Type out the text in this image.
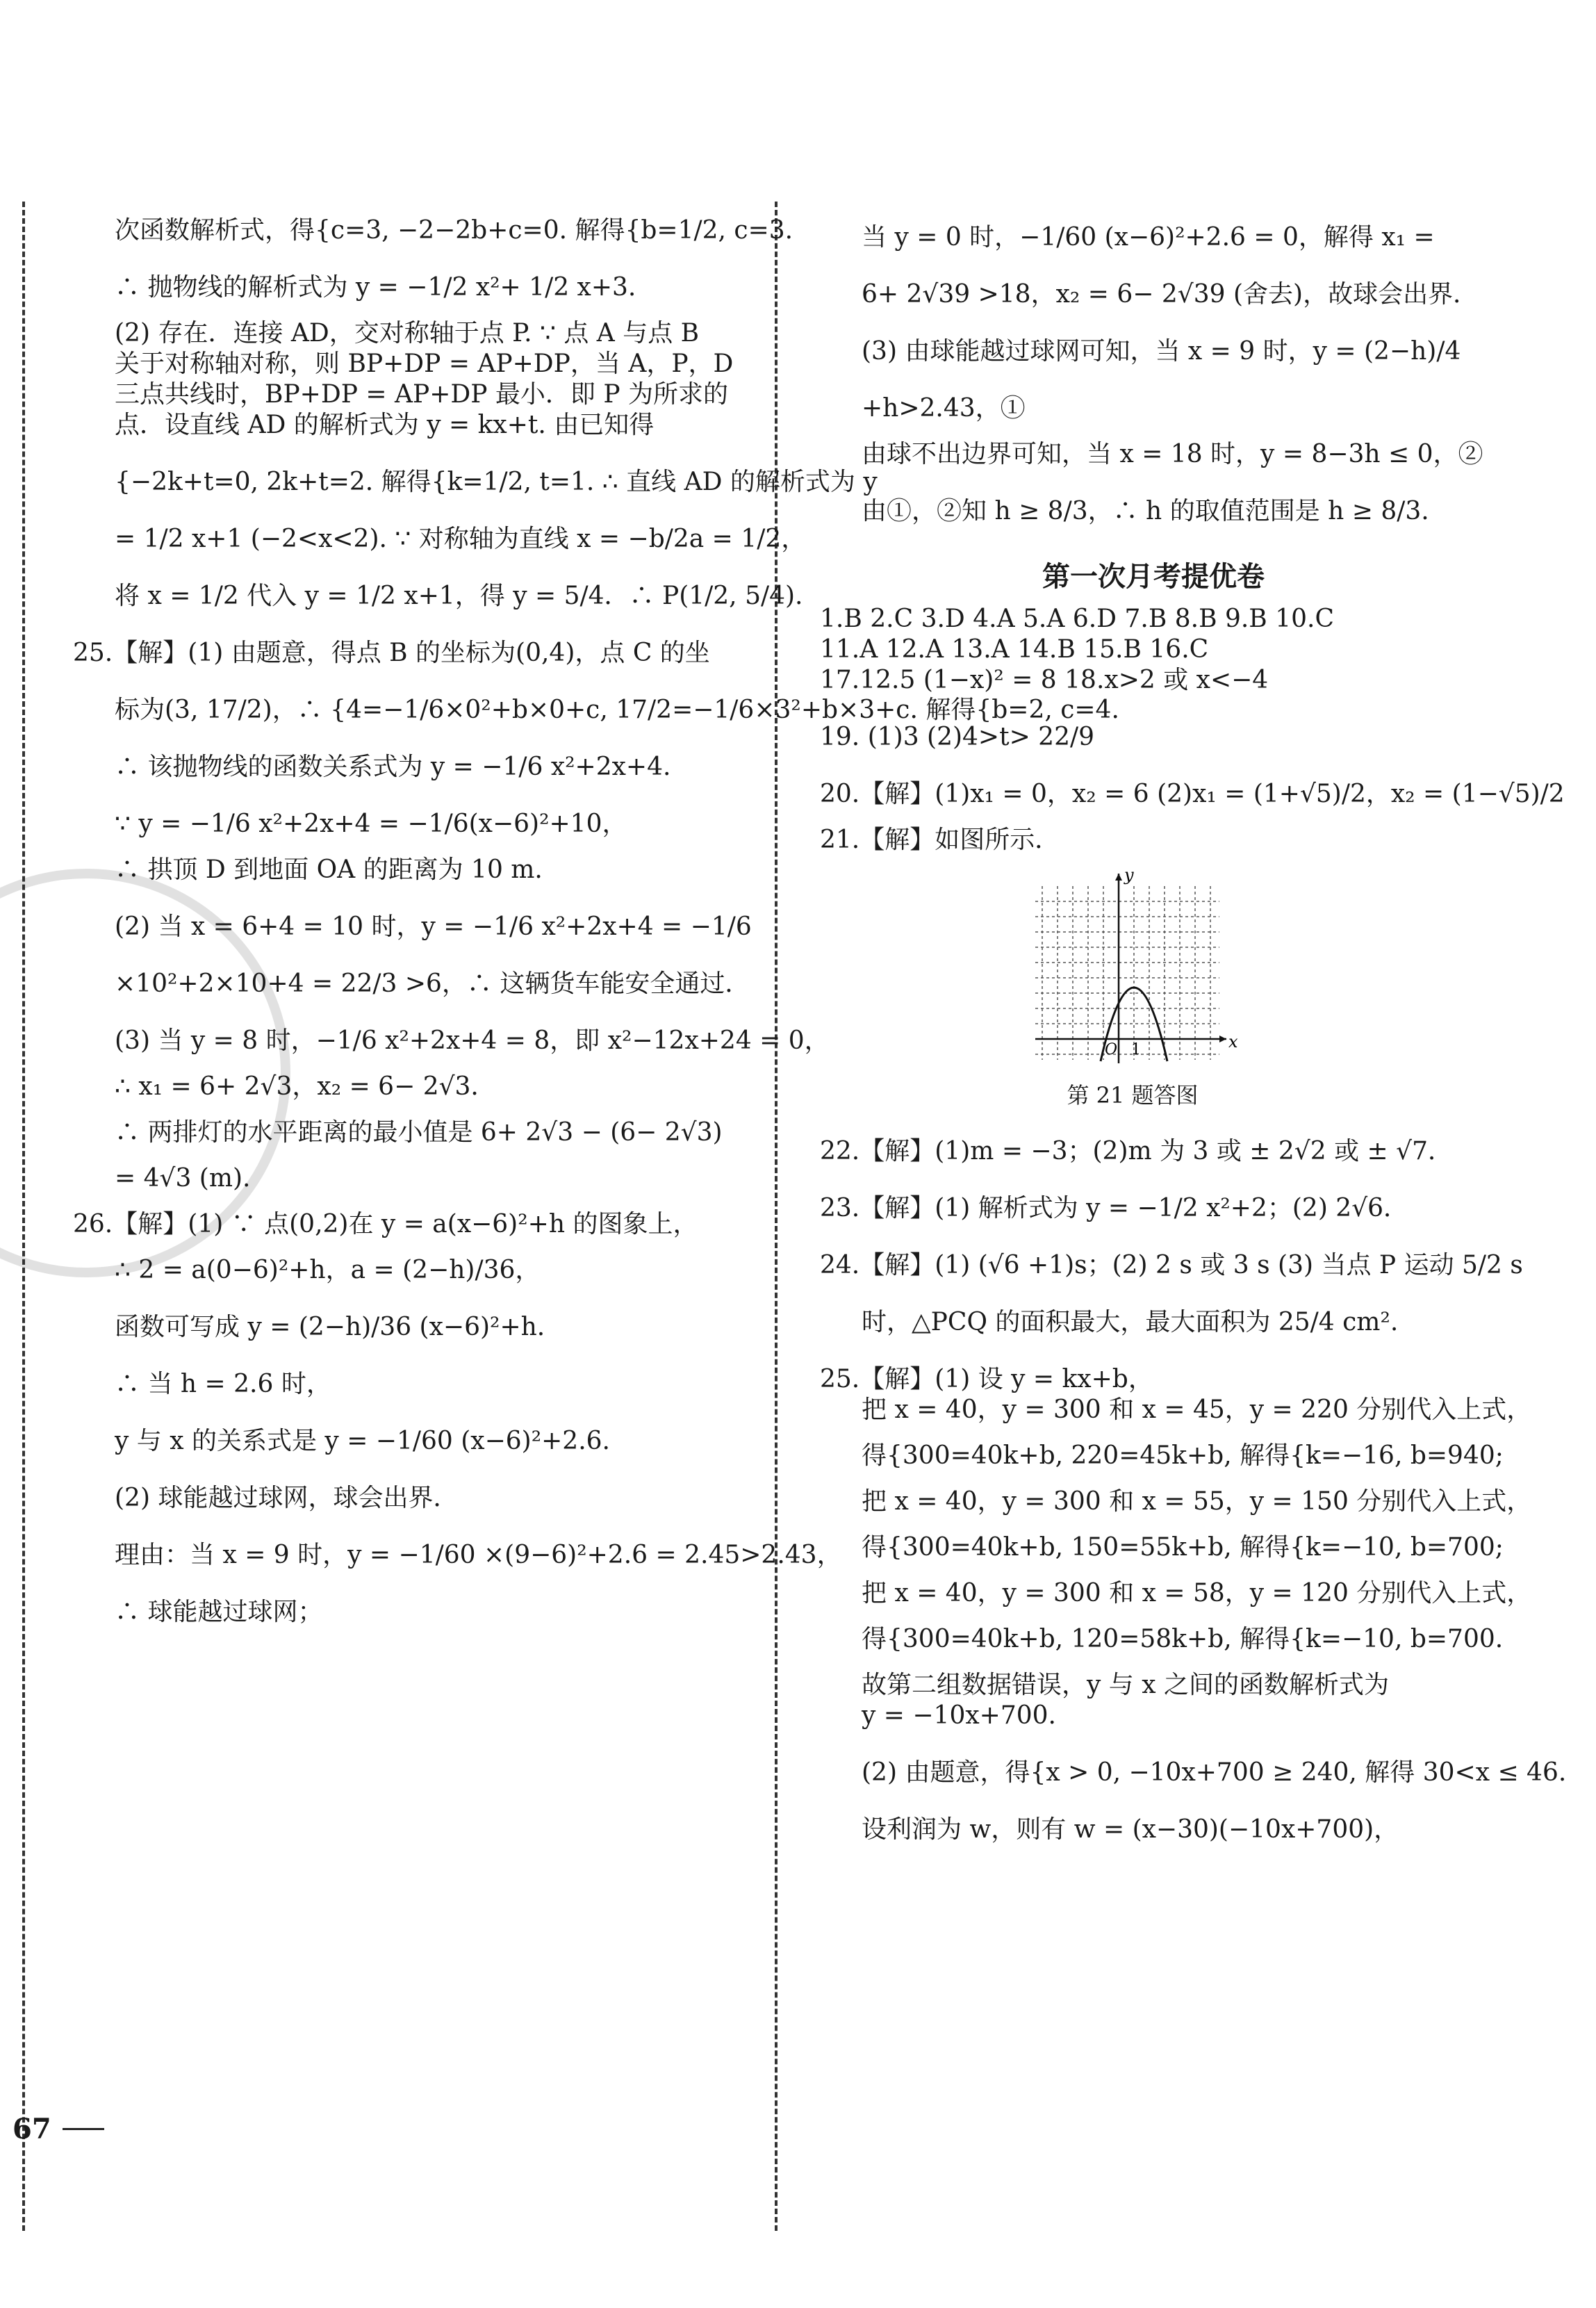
次函数解析式，得{c=3, −2−2b+c=0. 解得{b=1/2, c=3.
∴ 抛物线的解析式为 y = −1/2 x²+ 1/2 x+3.
(2) 存在．连接 AD，交对称轴于点 P. ∵ 点 A 与点 B
关于对称轴对称，则 BP+DP = AP+DP，当 A，P，D
三点共线时，BP+DP = AP+DP 最小．即 P 为所求的
点．设直线 AD 的解析式为 y = kx+t. 由已知得
{−2k+t=0, 2k+t=2. 解得{k=1/2, t=1. ∴ 直线 AD 的解析式为 y
= 1/2 x+1 (−2<x<2). ∵ 对称轴为直线 x = −b/2a = 1/2，
将 x = 1/2 代入 y = 1/2 x+1，得 y = 5/4．∴ P(1/2, 5/4).
25.【解】(1) 由题意，得点 B 的坐标为(0,4)，点 C 的坐
标为(3, 17/2)，∴ {4=−1/6×0²+b×0+c, 17/2=−1/6×3²+b×3+c. 解得{b=2, c=4.
∴ 该抛物线的函数关系式为 y = −1/6 x²+2x+4.
∵ y = −1/6 x²+2x+4 = −1/6(x−6)²+10，
∴ 拱顶 D 到地面 OA 的距离为 10 m.
(2) 当 x = 6+4 = 10 时，y = −1/6 x²+2x+4 = −1/6
×10²+2×10+4 = 22/3 >6，∴ 这辆货车能安全通过．
(3) 当 y = 8 时，−1/6 x²+2x+4 = 8，即 x²−12x+24 = 0，
∴ x₁ = 6+ 2√3，x₂ = 6− 2√3．
∴ 两排灯的水平距离的最小值是 6+ 2√3 − (6− 2√3)
= 4√3 (m).
26.【解】(1) ∵ 点(0,2)在 y = a(x−6)²+h 的图象上，
∴ 2 = a(0−6)²+h，a = (2−h)/36，
函数可写成 y = (2−h)/36 (x−6)²+h.
∴ 当 h = 2.6 时，
y 与 x 的关系式是 y = −1/60 (x−6)²+2.6.
(2) 球能越过球网，球会出界．
理由：当 x = 9 时，y = −1/60 ×(9−6)²+2.6 = 2.45>2.43，
∴ 球能越过球网；
当 y = 0 时，−1/60 (x−6)²+2.6 = 0，解得 x₁ =
6+ 2√39 >18，x₂ = 6− 2√39 (舍去)，故球会出界．
(3) 由球能越过球网可知，当 x = 9 时，y = (2−h)/4
+h>2.43，①
由球不出边界可知，当 x = 18 时，y = 8−3h ≤ 0，②
由①，②知 h ≥ 8/3，∴ h 的取值范围是 h ≥ 8/3.
第一次月考提优卷
1.B 2.C 3.D 4.A 5.A 6.D 7.B 8.B 9.B 10.C
11.A 12.A 13.A 14.B 15.B 16.C
17.12.5 (1−x)² = 8 18.x>2 或 x<−4
19. (1)3 (2)4>t> 22/9
20.【解】(1)x₁ = 0，x₂ = 6 (2)x₁ = (1+√5)/2，x₂ = (1−√5)/2
21.【解】如图所示．
x
y
O 1
第 21 题答图
22.【解】(1)m = −3；(2)m 为 3 或 ± 2√2 或 ± √7．
23.【解】(1) 解析式为 y = −1/2 x²+2；(2) 2√6．
24.【解】(1) (√6 +1)s；(2) 2 s 或 3 s (3) 当点 P 运动 5/2 s
时，△PCQ 的面积最大，最大面积为 25/4 cm².
25.【解】(1) 设 y = kx+b，
把 x = 40，y = 300 和 x = 45，y = 220 分别代入上式，
得{300=40k+b, 220=45k+b, 解得{k=−16, b=940;
把 x = 40，y = 300 和 x = 55，y = 150 分别代入上式，
得{300=40k+b, 150=55k+b, 解得{k=−10, b=700;
把 x = 40，y = 300 和 x = 58，y = 120 分别代入上式，
得{300=40k+b, 120=58k+b, 解得{k=−10, b=700.
故第二组数据错误，y 与 x 之间的函数解析式为
y = −10x+700.
(2) 由题意，得{x > 0, −10x+700 ≥ 240, 解得 30<x ≤ 46.
设利润为 w，则有 w = (x−30)(−10x+700)，
67
